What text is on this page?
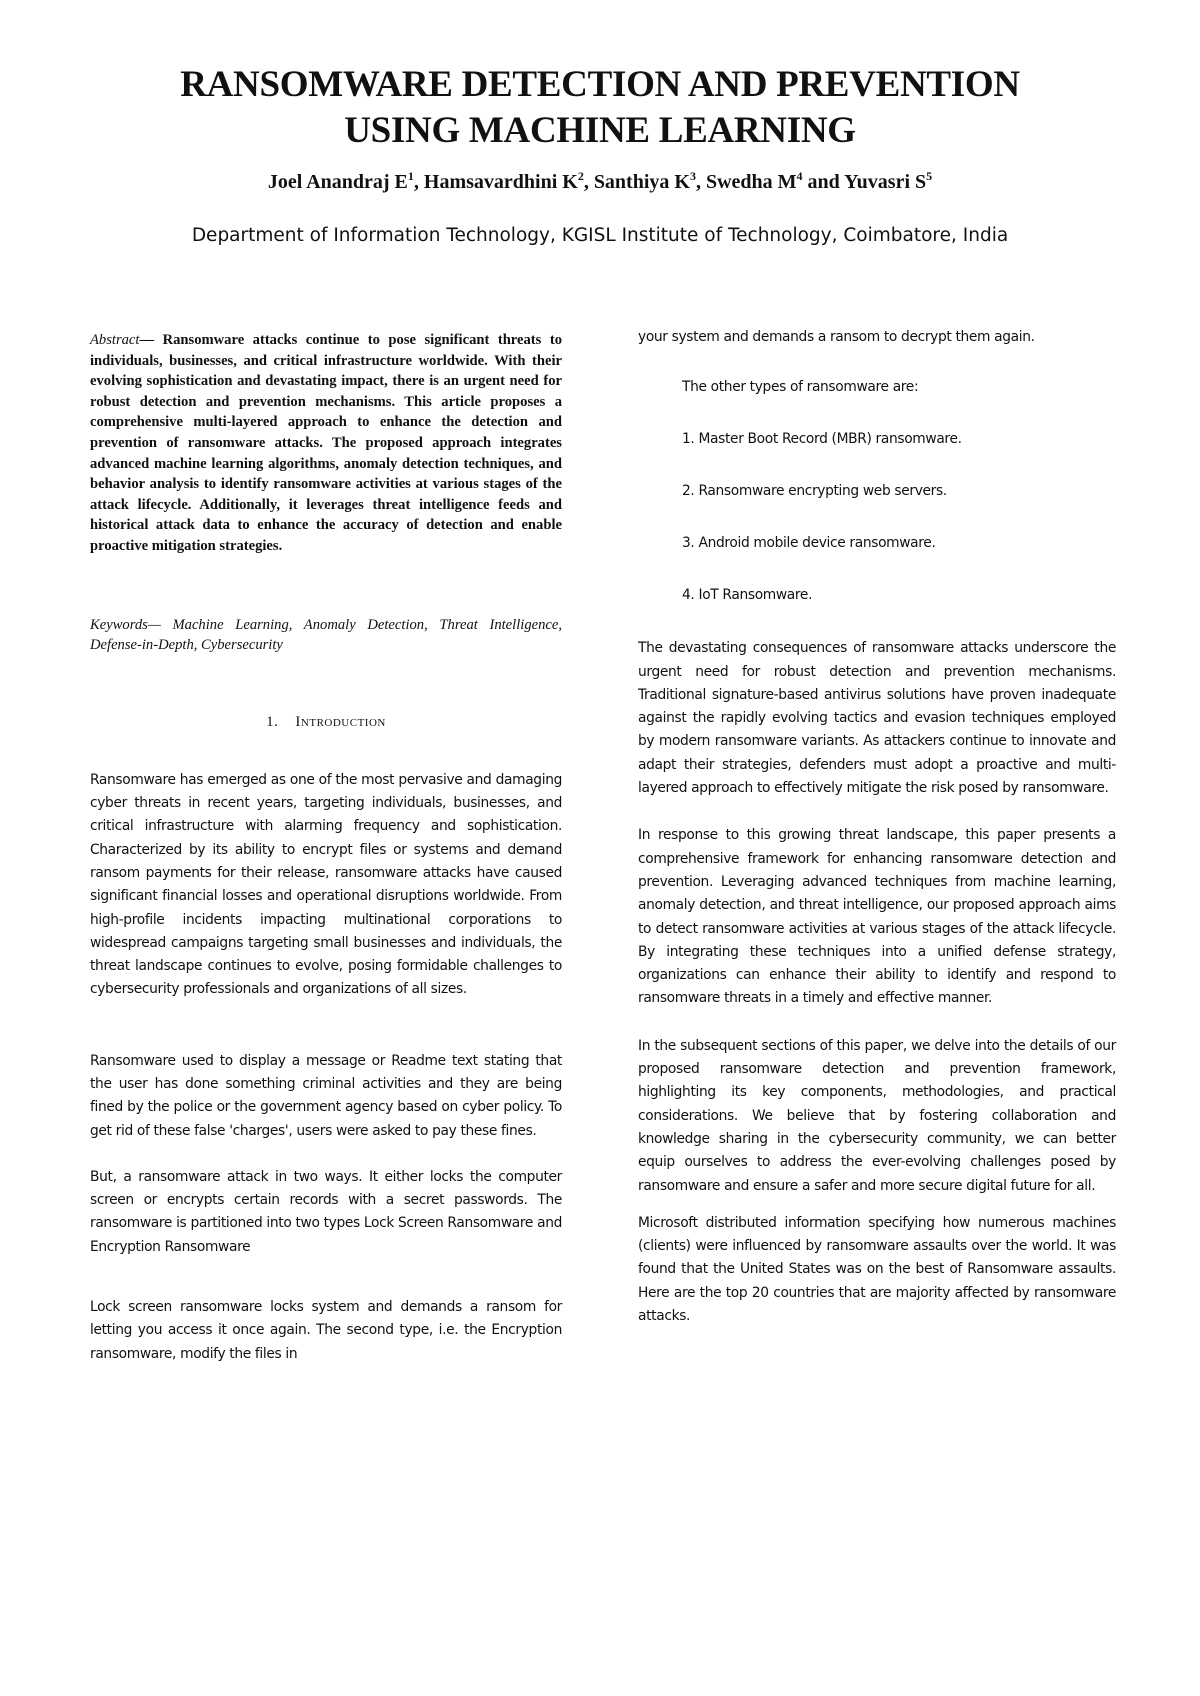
RANSOMWARE DETECTION AND PREVENTION
USING MACHINE LEARNING
Joel Anandraj $E^1$, Hamsavardhini $K^2$, Santhiya $K^3$, Swedha $M^4$ and Yuvasri $S^5$
Department of Information Technology, KGISL Institute of Technology, Coimbatore, India

Abstract— Ransomware attacks continue to pose significant threats to individuals, businesses, and critical infrastructure worldwide. With their evolving sophistication and devastating impact, there is an urgent need for robust detection and prevention mechanisms. This article proposes a comprehensive multi-layered approach to enhance the detection and prevention of ransomware attacks. The proposed approach integrates advanced machine learning algorithms, anomaly detection techniques, and behavior analysis to identify ransomware activities at various stages of the attack lifecycle. Additionally, it leverages threat intelligence feeds and historical attack data to enhance the accuracy of detection and enable proactive mitigation strategies.

Keywords— Machine Learning, Anomaly Detection, Threat Intelligence, Defense-in-Depth, Cybersecurity

1. Introduction

Ransomware has emerged as one of the most pervasive and damaging cyber threats in recent years, targeting individuals, businesses, and critical infrastructure with alarming frequency and sophistication. Characterized by its ability to encrypt files or systems and demand ransom payments for their release, ransomware attacks have caused significant financial losses and operational disruptions worldwide. From high-profile incidents impacting multinational corporations to widespread campaigns targeting small businesses and individuals, the threat landscape continues to evolve, posing formidable challenges to cybersecurity professionals and organizations of all sizes.

Ransomware used to display a message or Readme text stating that the user has done something criminal activities and they are being fined by the police or the government agency based on cyber policy. To get rid of these false 'charges', users were asked to pay these fines.

But, a ransomware attack in two ways. It either locks the computer screen or encrypts certain records with a secret passwords. The ransomware is partitioned into two types Lock Screen Ransomware and Encryption Ransomware

Lock screen ransomware locks system and demands a ransom for letting you access it once again. The second type, i.e. the Encryption ransomware, modify the files in

your system and demands a ransom to decrypt them again.

The other types of ransomware are:

1. Master Boot Record (MBR) ransomware.

2. Ransomware encrypting web servers.

3. Android mobile device ransomware.

4. IoT Ransomware.

The devastating consequences of ransomware attacks underscore the urgent need for robust detection and prevention mechanisms. Traditional signature-based antivirus solutions have proven inadequate against the rapidly evolving tactics and evasion techniques employed by modern ransomware variants. As attackers continue to innovate and adapt their strategies, defenders must adopt a proactive and multi-layered approach to effectively mitigate the risk posed by ransomware.

In response to this growing threat landscape, this paper presents a comprehensive framework for enhancing ransomware detection and prevention. Leveraging advanced techniques from machine learning, anomaly detection, and threat intelligence, our proposed approach aims to detect ransomware activities at various stages of the attack lifecycle. By integrating these techniques into a unified defense strategy, organizations can enhance their ability to identify and respond to ransomware threats in a timely and effective manner.

In the subsequent sections of this paper, we delve into the details of our proposed ransomware detection and prevention framework, highlighting its key components, methodologies, and practical considerations. We believe that by fostering collaboration and knowledge sharing in the cybersecurity community, we can better equip ourselves to address the ever-evolving challenges posed by ransomware and ensure a safer and more secure digital future for all.

Microsoft distributed information specifying how numerous machines (clients) were influenced by ransomware assaults over the world. It was found that the United States was on the best of Ransomware assaults. Here are the top 20 countries that are majority affected by ransomware attacks.
